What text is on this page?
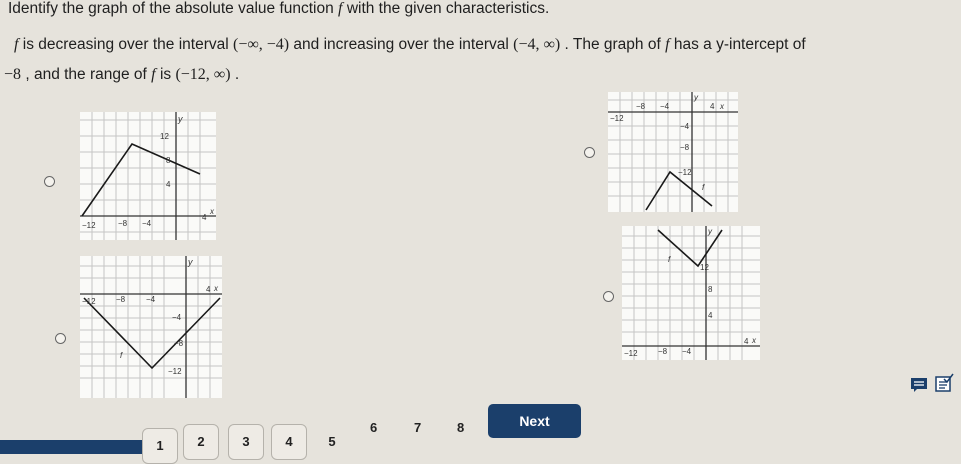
Identify the graph of the absolute value function f with the given characteristics.
f is decreasing over the interval (−∞, −4) and increasing over the interval (−4, ∞) . The graph of f has a y-intercept of
−8 , and the range of f is (−12, ∞) .
y
x
12
8
4
−12	−8 −4
4
y
x
−12
−8 −4	4
−4
−8
−12
f
y
x
−12	−8	−4
4
−4
−8
−12
f
y
x
12
8
4
−12	−8 −4
4
f
1	2	3	4	5
6	7	8	Next
